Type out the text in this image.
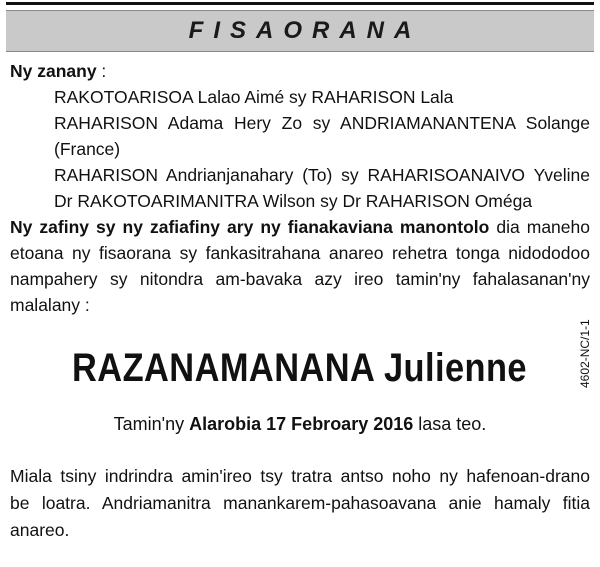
FISAORANA
Ny zanany :
RAKOTOARISOA Lalao Aimé sy RAHARISON Lala
RAHARISON Adama Hery Zo sy ANDRIAMANANTENA Solange
(France)
RAHARISON Andrianjanahary (To) sy RAHARISOANAIVO Yveline
Dr RAKOTOARIMANITRA Wilson sy Dr RAHARISON Oméga
Ny zafiny sy ny zafiafiny ary ny fianakaviana manontolo dia maneho
etoana ny fisaorana sy fankasitrahana anareo rehetra tonga nidododoo
nampahery sy nitondra am-bavaka azy ireo tamin'ny fahalasanan'ny
malalany :
RAZANAMANANA Julienne
Tamin'ny Alarobia 17 Febroary 2016 lasa teo.
4602-NC/1-1
Miala tsiny indrindra amin'ireo tsy tratra antso noho ny hafenoan-drano
be loatra. Andriamanitra manankarem-pahasoavana anie hamaly fitia
anareo.
